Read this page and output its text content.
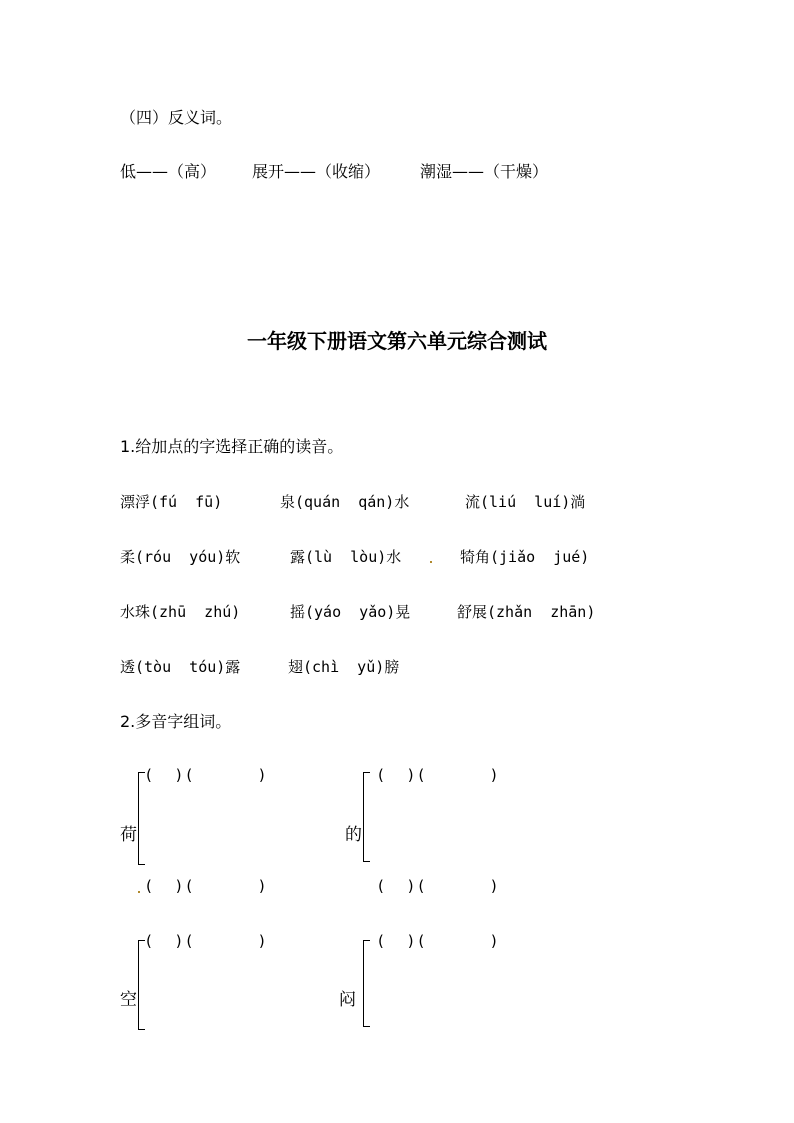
（四）反义词。
低——（高） 展开——（收缩） 潮湿——（干燥）
一年级下册语文第六单元综合测试
1.给加点的字选择正确的读音。
漂浮(fú  fū)	泉(quán  qán)水	流(liú  luí)淌
柔(róu  yóu)软	露(lù  lòu)水	犄角(jiǎo  jué)
水珠(zhū  zhú)	摇(yáo  yǎo)晃	舒展(zhǎn  zhān)
透(tòu  tóu)露	翅(chì  yǔ)膀
2.多音字组词。
(     ) (              )
荷
(     ) (              )
(     ) (              )
的
(     ) (              )
(     ) (              )
空
(     ) (              )
闷
